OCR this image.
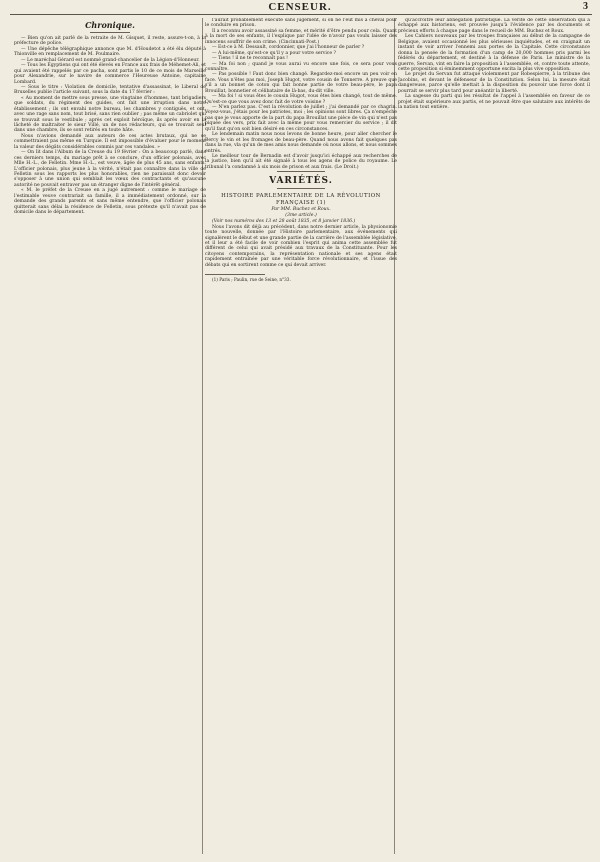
CENSEUR.	3
Chronique.

— Bien qu'on ait parlé de la retraite de M. Gisquet, il reste, assure-t-on, à la préfecture de police.

— Une dépêche télégraphique annonce que M. d'Houdetot a été élu député à Thionville en remplacement de M. Poulmaire.

— Le maréchal Gérard est nommé grand-chancelier de la Légion-d'Honneur.

— Tous les Égyptiens qui ont été élevés en France aux frais de Méhemet-Ali, et qui avaient été rappelés par ce pacha, sont partis le 10 de ce mois de Marseille pour Alexandrie, sur le navire de commerce l'Heureuse Antoine, capitaine Lombard.

— Sous le titre : Violation de domicile, tentative d'assassinat, le Liberal de Bruxelles publie l'article suivant, sous la date du 17 février :

« Au moment de mettre sous presse, une vingtaine d'hommes, tant brigadiers que soldats, du régiment des guides, ont fait une irruption dans notre établissement ; ils ont envahi notre bureau, les chambres y contiguës, et ont, avec une rage sans nom, tout brisé, sans rien oublier ; pas même un cabriolet qui se trouvait sous le vestibule ; après cet exploit héroïque, ils après avoir en la lâcheté de maltraiter le sieur Villé, un de nos rédacteurs, qui se trouvait seul dans une chambre, ils se sont retirés en toute hâte.

Nous n'avions demandé aux auteurs de ces actes brutaux, qui ne se commettraient pas même en Turquie. Il est impossible d'évaluer pour le moment la valeur des dégâts considérables commis par ces vandales. »

— On lit dans l'Album de la Creuse du 19 février : On a beaucoup parlé, dans ces derniers temps, du mariage prêt à se conclure, d'un officier polonais, avec Mlle H.-L., de Felletin. Mme H.-L., est veuve, âgée de plus 45 ans, sans enfants. L'officier polonais, plus jeune à la vérité, n'était pas connaître dans la ville de Felletin sous les rapports les plus honorables, rien ne paraissait donc devoir s'opposer à une union qui semblait les vœux des contractants et qu'aucune autorité ne pouvait entraver pas un étranger digne de l'intérêt général.

« M. le préfet de la Creuse en a jugé autrement : comme le mariage de l'estimable veuve contrariait sa famille, il a immédiatement ordonné, sur la demande des grands parents et sans même entendre, que l'officier polonais quitterait sans délai la résidence de Felletin, sous prétexte qu'il n'avait pas de domicile dans le département.

l'aurait probablement exécuté sans jugement, si on ne l'eût mis à cheval pour le conduire en prison.

Il a reconnu avoir assassiné sa femme, et mérité d'être pendu pour cela. Quant à la mort de ses enfants, il l'explique par l'idée de n'avoir pas voulu laisser des innocens souffrir de son crime. (Cincinnati-Post.)

— Est-ce à M. Dessault, cordonnier, que j'ai l'honneur de parler ?

— A lui-même, qu'est-ce qu'il y a pour votre service ?

— Tiens ! il ne te reconnaît pas !

— Ma foi non ; quand je vous aurai vu encore une fois, ce sera pour vous connaître.

— Pas possible ! Faut donc bien changé. Regardez-moi encore un peu voir en face. Vous n'êtes pas moi, Joseph Hugot, votre cousin de Tonnerre. A preuve que s'il a un bonnet de coton qui fait bonne partie de votre beau-père, le papa Brouillat, bonnetier et célibataire de là-bas, du-dit ville.

— Ma foi ! si vous êtes le cousin Hugot, vous êtes bien changé, tout de même. Qu'est-ce que vous avez donc fait de votre voisine ?

— N'en parlez pas. C'est la révolution de juillet ; j'ai demandé par ce chagrin. Voyez-vous, j'étais pour les patriotes, moi ; les opinions sont libres. Ça n'empêche pas que je vous apporte de la part du papa Brouillat une pièce de vin qui n'est pas piquée des vers, prix fait avec la même pour vous remercier du service ; il dit qu'il faut qu'on soit bien désiré en ces circonstances.

Le lendemain matin nous nous levons de bonne heure, pour aller chercher le Bercy le vin et les fromages de beau-père. Quand nous avons fait quelques pas dans la rue, vla qu'un de mes amis nous demande où nous allons, et nous sommes entrés.

Le meilleur tour de Bernadin est d'avoir jusqu'ici échappé aux recherches de la justice, bien qu'il ait été signalé à tous les agens de police du royaume. Le tribunal l'a condamné à six mois de prison et aux frais. (Le Droit.)

VARIÉTÉS.
HISTOIRE PARLEMENTAIRE DE LA RÉVOLUTION FRANÇAISE (1)
Par MM. Buchez et Roux.
(3me article.)

(Voir nos numéros des 13 et 28 août 1835, et 8 janvier 1836.)

Nous l'avons dit déjà au précédent, dans notre dernier article, la physionomie toute nouvelle, donnée par l'Histoire parlementaire, aux événements qui signalèrent le début et une grande partie de la carrière de l'assemblée législative, et il leur a été facile de voir combien l'esprit qui anima cette assemblée fut différent de celui qui avait présidé aux travaux de la Constituante. Pour les citoyens contemporains, la représentation nationale et ses agens était rapidement entraînée par une véritable force révolutionnaire, et l'issue des débats qui en sortirent comme ce qui devait arriver.

(1) Paris ; Paulin, rue de Seine, n°33.

qu'accroître leur abnégation patriotique. La vérité de cette observation qui a échappé aux historiens, est prouvée jusqu'à l'évidence par les documents et précieux efforts à chaque page dans le recueil de MM. Buchez et Roux.

Les Cahiers nouveaux par les troupes françaises au début de la campagne de Belgique, avaient occasionné les plus sérieuses inquiétudes, et en craignait un instant de voir arriver l'ennemi aux portes de la Capitale. Cette circonstance donna la pensée de la formation d'un camp de 20,000 hommes pris parmi les fédérés du département, et destiné à la défense de Paris. Le ministre de la guerre, Servan, vint en faire la proposition à l'assemblée, et, contre toute attente, cette proposition si éminemment opportune excita la plus vive opposition.

Le projet du Servan fut attaqué violemment par Robespierre, à la tribune des Jacobins, et devant le défenseur de la Constitution. Selon lui, la mesure était dangereuse, parce qu'elle mettait à la disposition du pouvoir une force dont il pourrait se servir plus tard pour anéantir la liberté.

La sagesse du parti qui les résultat de l'appel à l'assemblée en faveur de ce projet était supérieure aux partis, et ne pouvait être que salutaire aux intérêts de la nation tout entière.
